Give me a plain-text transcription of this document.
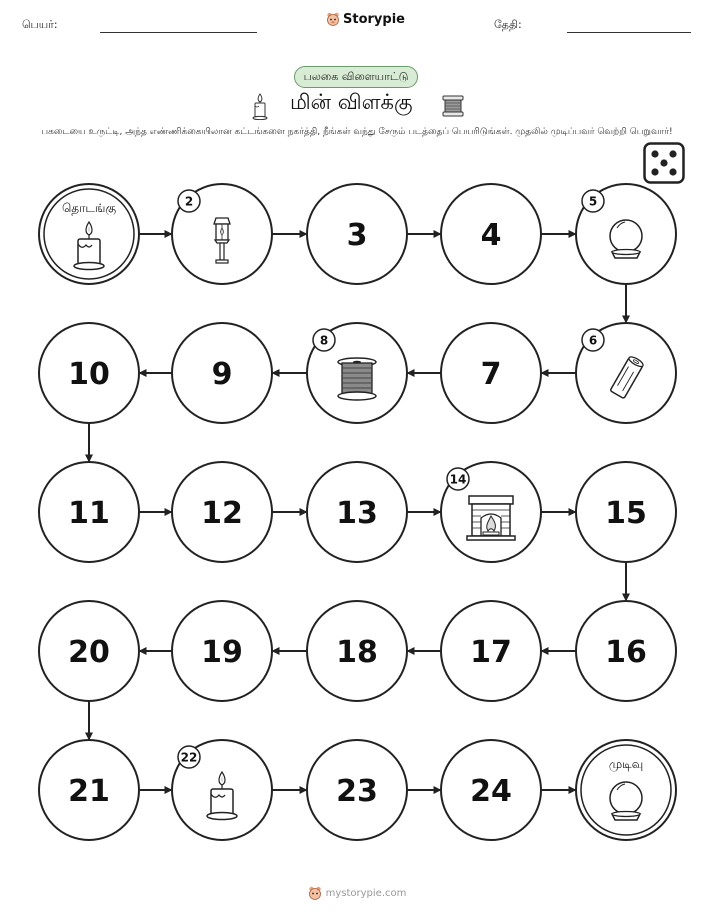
பெயர்:	Storypie	தேதி:
பலகை விளையாட்டு
மின் விளக்கு
பகடையை உருட்டி, அந்த எண்ணிக்கையிலான கட்டங்களை நகர்த்தி, நீங்கள் வந்து சேரும் படத்தைப் பெயரிடுங்கள். முதலில் முடிப்பவர் வெற்றி பெறுவார்!
தொடங்கு	2
3	4
5
6
7
8
9
10
11	12	13
14
15
16
17
18
19
20
21
22
23	24
முடிவு
mystorypie.com
